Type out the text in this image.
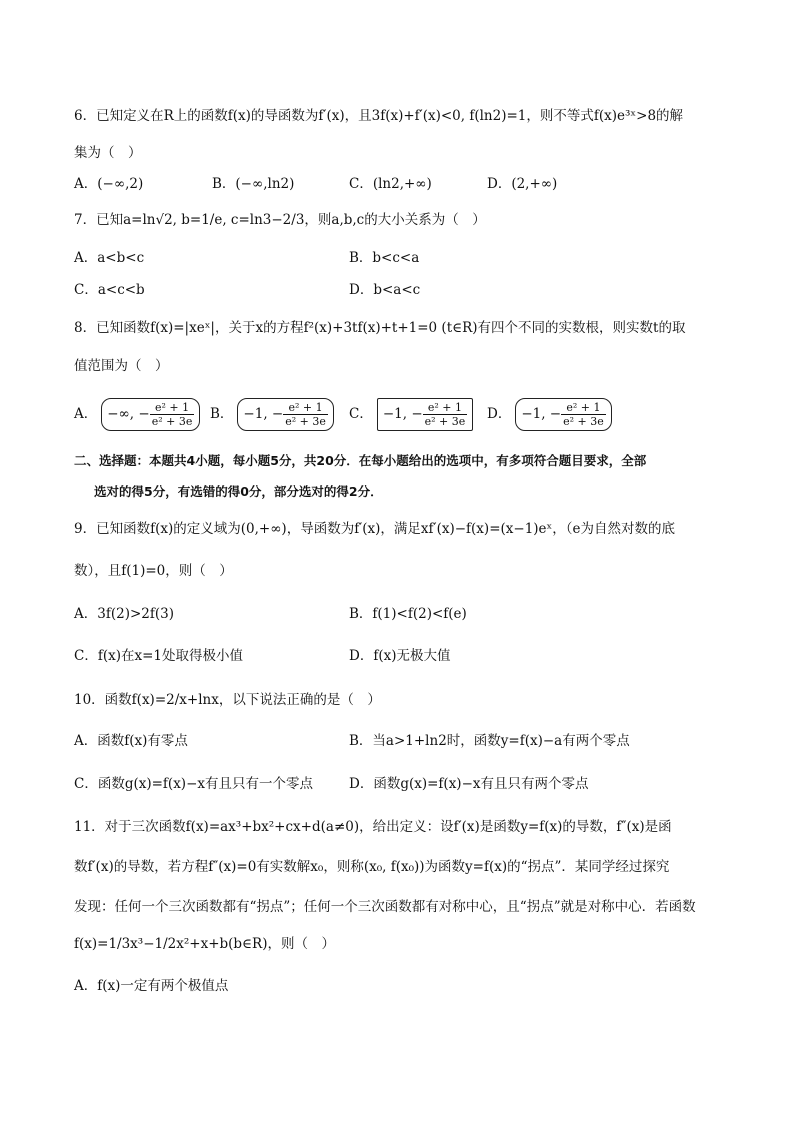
6．已知定义在R上的函数f(x)的导函数为f′(x)，且3f(x)+f′(x)<0, f(ln2)=1，则不等式f(x)e³ˣ>8的解
集为（　）
A．(−∞,2)	B．(−∞,ln2)	C．(ln2,+∞)	D．(2,+∞)
7．已知a=ln√2, b=1/e, c=ln3−2/3，则a,b,c的大小关系为（　）
A．a<b<c	B．b<c<a
C．a<c<b	D．b<a<c
8．已知函数f(x)=|xeˣ|，关于x的方程f²(x)+3tf(x)+t+1=0 (t∈R)有四个不同的实数根，则实数t的取
值范围为（　）
A． −∞, − $\frac{\text{e² + 1}}{\text{e² + 3e}}$ B． −1, − $\frac{\text{e² + 1}}{\text{e² + 3e}}$ C． −1, − $\frac{\text{e² + 1}}{\text{e² + 3e}}$ D． −1, − $\frac{\text{e² + 1}}{\text{e² + 3e}}$
二、选择题：本题共4小题，每小题5分，共20分．在每小题给出的选项中，有多项符合题目要求，全部
选对的得5分，有选错的得0分，部分选对的得2分．
9．已知函数f(x)的定义域为(0,+∞)，导函数为f′(x)，满足xf′(x)−f(x)=(x−1)eˣ，（e为自然对数的底
数），且f(1)=0，则（　）
A．3f(2)>2f(3)	B．f(1)<f(2)<f(e)
C．f(x)在x=1处取得极小值	D．f(x)无极大值
10．函数f(x)=2/x+lnx，以下说法正确的是（　）
A．函数f(x)有零点	B．当a>1+ln2时，函数y=f(x)−a有两个零点
C．函数g(x)=f(x)−x有且只有一个零点	D．函数g(x)=f(x)−x有且只有两个零点
11．对于三次函数f(x)=ax³+bx²+cx+d(a≠0)，给出定义：设f′(x)是函数y=f(x)的导数，f″(x)是函
数f′(x)的导数，若方程f″(x)=0有实数解x₀，则称(x₀, f(x₀))为函数y=f(x)的“拐点”．某同学经过探究
发现：任何一个三次函数都有“拐点”；任何一个三次函数都有对称中心，且“拐点”就是对称中心．若函数
f(x)=1/3x³−1/2x²+x+b(b∈R)，则（　）
A．f(x)一定有两个极值点
